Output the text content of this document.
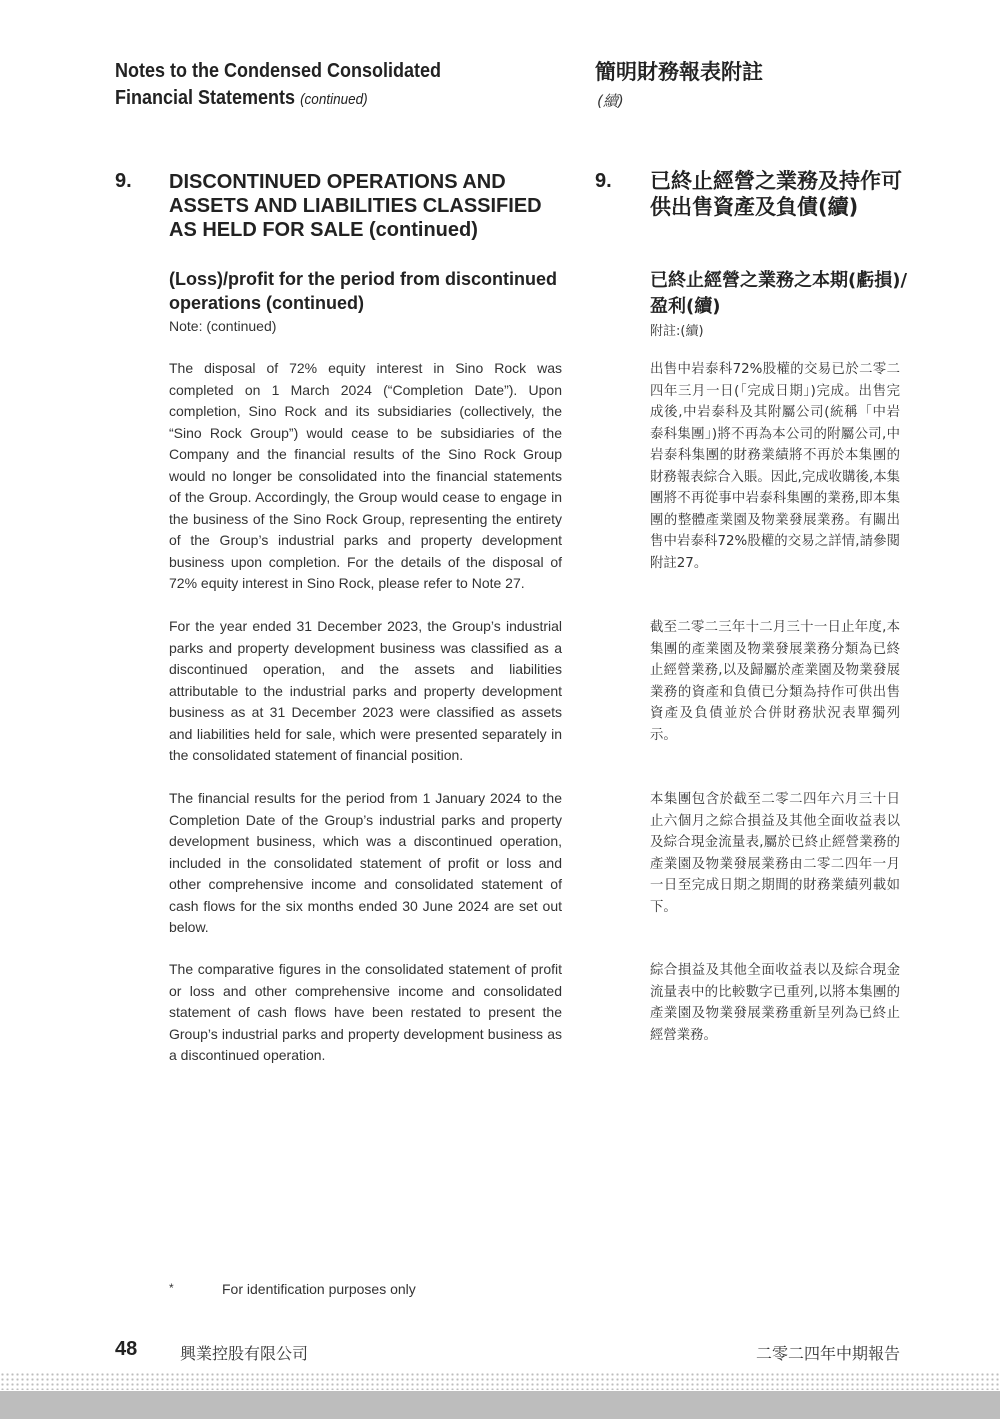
Notes to the Condensed Consolidated
Financial Statements (continued)
簡明財務報表附註
(續)
9. DISCONTINUED OPERATIONS AND ASSETS AND LIABILITIES CLASSIFIED AS HELD FOR SALE (continued)
(Loss)/profit for the period from discontinued operations (continued)
Note: (continued)
9. 已終止經營之業務及持作可供出售資產及負債(續)
已終止經營之業務之本期(虧損)/盈利(續)
附註:(續)

The disposal of 72% equity interest in Sino Rock was completed on 1 March 2024 (“Completion Date”). Upon completion, Sino Rock and its subsidiaries (collectively, the “Sino Rock Group”) would cease to be subsidiaries of the Company and the financial results of the Sino Rock Group would no longer be consolidated into the financial statements of the Group. Accordingly, the Group would cease to engage in the business of the Sino Rock Group, representing the entirety of the Group’s industrial parks and property development business upon completion. For the details of the disposal of 72% equity interest in Sino Rock, please refer to Note 27.

For the year ended 31 December 2023, the Group’s industrial parks and property development business was classified as a discontinued operation, and the assets and liabilities attributable to the industrial parks and property development business as at 31 December 2023 were classified as assets and liabilities held for sale, which were presented separately in the consolidated statement of financial position.

The financial results for the period from 1 January 2024 to the Completion Date of the Group’s industrial parks and property development business, which was a discontinued operation, included in the consolidated statement of profit or loss and other comprehensive income and consolidated statement of cash flows for the six months ended 30 June 2024 are set out below.

The comparative figures in the consolidated statement of profit or loss and other comprehensive income and consolidated statement of cash flows have been restated to present the Group’s industrial parks and property development business as a discontinued operation.

出售中岩泰科72%股權的交易已於二零二四年三月一日(「完成日期」)完成。出售完成後,中岩泰科及其附屬公司(統稱「中岩泰科集團」)將不再為本公司的附屬公司,中岩泰科集團的財務業績將不再於本集團的財務報表綜合入賬。因此,完成收購後,本集團將不再從事中岩泰科集團的業務,即本集團的整體產業園及物業發展業務。有關出售中岩泰科72%股權的交易之詳情,請參閱附註27。

截至二零二三年十二月三十一日止年度,本集團的產業園及物業發展業務分類為已終止經營業務,以及歸屬於產業園及物業發展業務的資產和負債已分類為持作可供出售資產及負債並於合併財務狀況表單獨列示。

本集團包含於截至二零二四年六月三十日止六個月之綜合損益及其他全面收益表以及綜合現金流量表,屬於已終止經營業務的產業園及物業發展業務由二零二四年一月一日至完成日期之期間的財務業績列載如下。

綜合損益及其他全面收益表以及綜合現金流量表中的比較數字已重列,以將本集團的產業園及物業發展業務重新呈列為已終止經營業務。

*	For identification purposes only
48	興業控股有限公司	二零二四年中期報告
